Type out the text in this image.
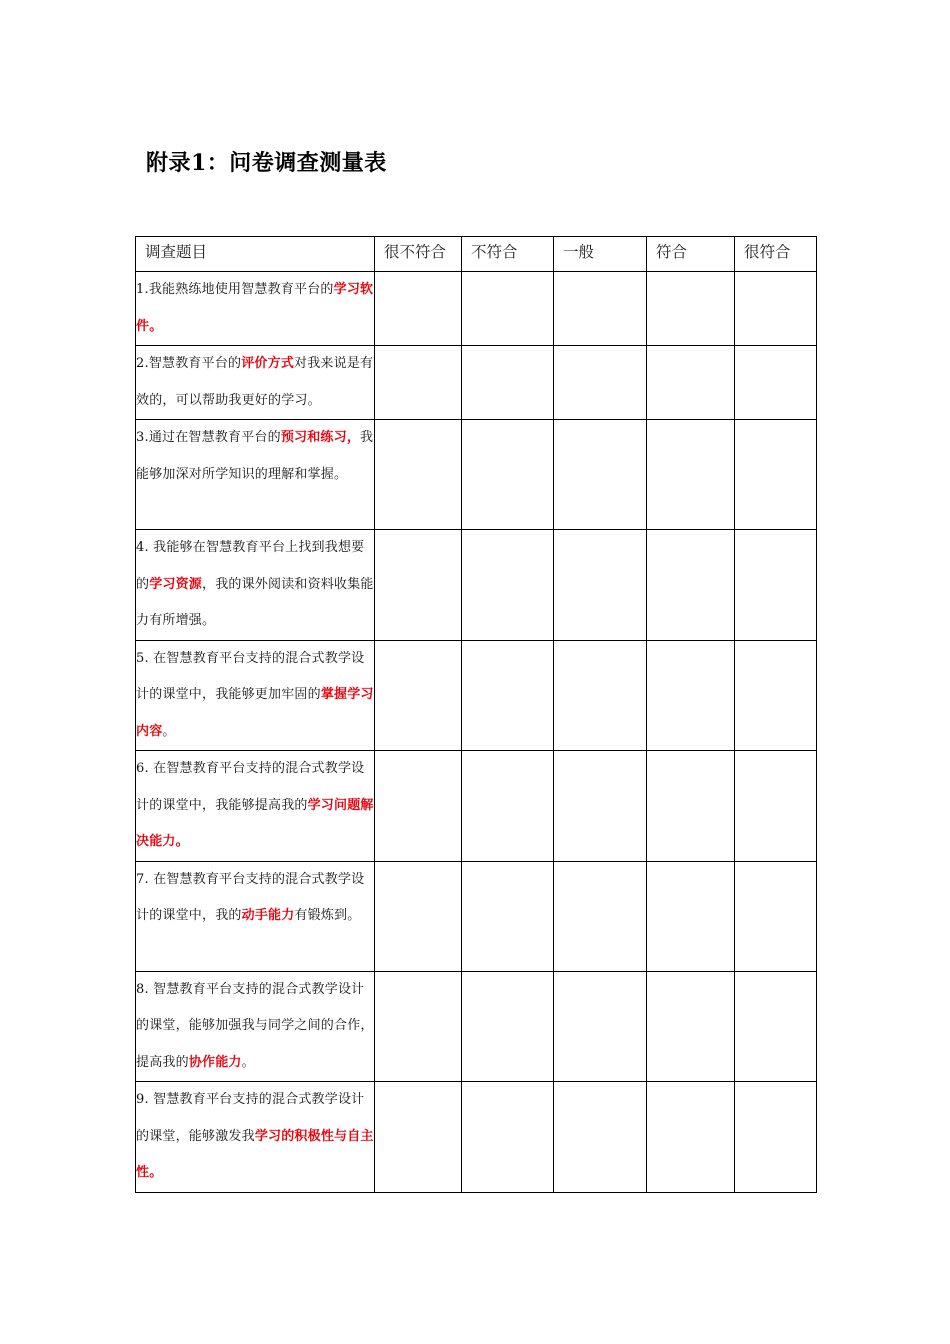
附录1：问卷调查测量表
调查题目	很不符合	不符合	一般	符合	很符合
1.我能熟练地使用智慧教育平台的学习软件。					
2.智慧教育平台的评价方式对我来说是有效的，可以帮助我更好的学习。					
3.通过在智慧教育平台的预习和练习，我能够加深对所学知识的理解和掌握。					
4. 我能够在智慧教育平台上找到我想要的学习资源，我的课外阅读和资料收集能力有所增强。					
5. 在智慧教育平台支持的混合式教学设计的课堂中，我能够更加牢固的掌握学习内容。					
6. 在智慧教育平台支持的混合式教学设计的课堂中，我能够提高我的学习问题解决能力。					
7. 在智慧教育平台支持的混合式教学设计的课堂中，我的动手能力有锻炼到。					
8. 智慧教育平台支持的混合式教学设计的课堂，能够加强我与同学之间的合作，提高我的协作能力。					
9. 智慧教育平台支持的混合式教学设计的课堂，能够激发我学习的积极性与自主性。					
